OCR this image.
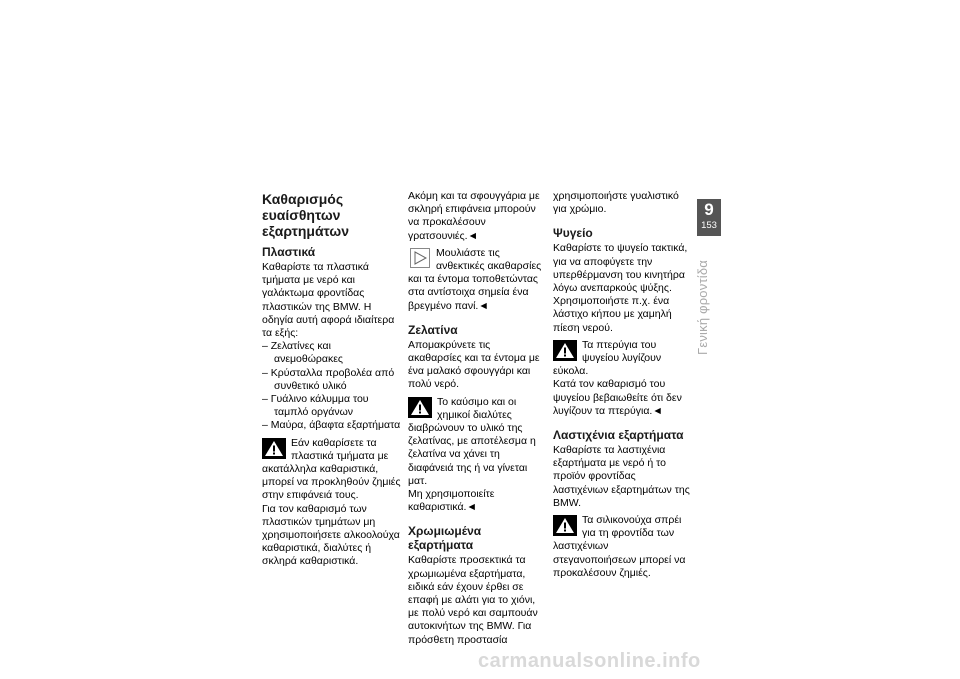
Καθαρισμός ευαίσθητων εξαρτημάτων
Πλαστικά

Καθαρίστε τα πλαστικά τμήματα με νερό και γαλάκτωμα φροντίδας πλαστικών της BMW. Η οδηγία αυτή αφορά ιδιαίτερα τα εξής:

– Ζελατίνες και ανεμοθώρακες
– Κρύσταλλα προβολέα από συνθετικό υλικό
– Γυάλινο κάλυμμα του ταμπλό οργάνων
– Μαύρα, άβαφτα εξαρτήματα
Εάν καθαρίσετε τα πλαστικά τμήματα με ακατάλληλα καθαριστικά, μπορεί να προκληθούν ζημιές στην επιφάνειά τους.

Για τον καθαρισμό των πλαστικών τμημάτων μη χρησιμοποιήσετε αλκοολούχα καθαριστικά, διαλύτες ή σκληρά καθαριστικά.

Ακόμη και τα σφουγγάρια με σκληρή επιφάνεια μπορούν να προκαλέσουν γρατσουνιές.◄

Μουλιάστε τις ανθεκτικές ακαθαρσίες και τα έντομα τοποθετώντας στα αντίστοιχα σημεία ένα βρεγμένο πανί.◄
Ζελατίνα

Απομακρύνετε τις ακαθαρσίες και τα έντομα με ένα μαλακό σφουγγάρι και πολύ νερό.

Το καύσιμο και οι χημικοί διαλύτες διαβρώνουν το υλικό της ζελατίνας, με αποτέλεσμα η ζελατίνα να χάνει τη διαφάνειά της ή να γίνεται ματ.

Μη χρησιμοποιείτε καθαριστικά.◄

Χρωμιωμένα εξαρτήματα

Καθαρίστε προσεκτικά τα χρωμιωμένα εξαρτήματα, ειδικά εάν έχουν έρθει σε επαφή με αλάτι για το χιόνι, με πολύ νερό και σαμπουάν αυτοκινήτων της BMW. Για πρόσθετη προστασία

χρησιμοποιήστε γυαλιστικό για χρώμιο.

Ψυγείο

Καθαρίστε το ψυγείο τακτικά, για να αποφύγετε την υπερθέρμανση του κινητήρα λόγω ανεπαρκούς ψύξης.

Χρησιμοποιήστε π.χ. ένα λάστιχο κήπου με χαμηλή πίεση νερού.

Τα πτερύγια του ψυγείου λυγίζουν εύκολα.

Κατά τον καθαρισμό του ψυγείου βεβαιωθείτε ότι δεν λυγίζουν τα πτερύγια.◄

Λαστιχένια εξαρτήματα

Καθαρίστε τα λαστιχένια εξαρτήματα με νερό ή το προϊόν φροντίδας λαστιχένιων εξαρτημάτων της BMW.

Τα σιλικονούχα σπρέι για τη φροντίδα των λαστιχένιων στεγανοποιήσεων μπορεί να προκαλέσουν ζημιές.
9
153
Γενική φροντίδα
carmanualsonline.info
